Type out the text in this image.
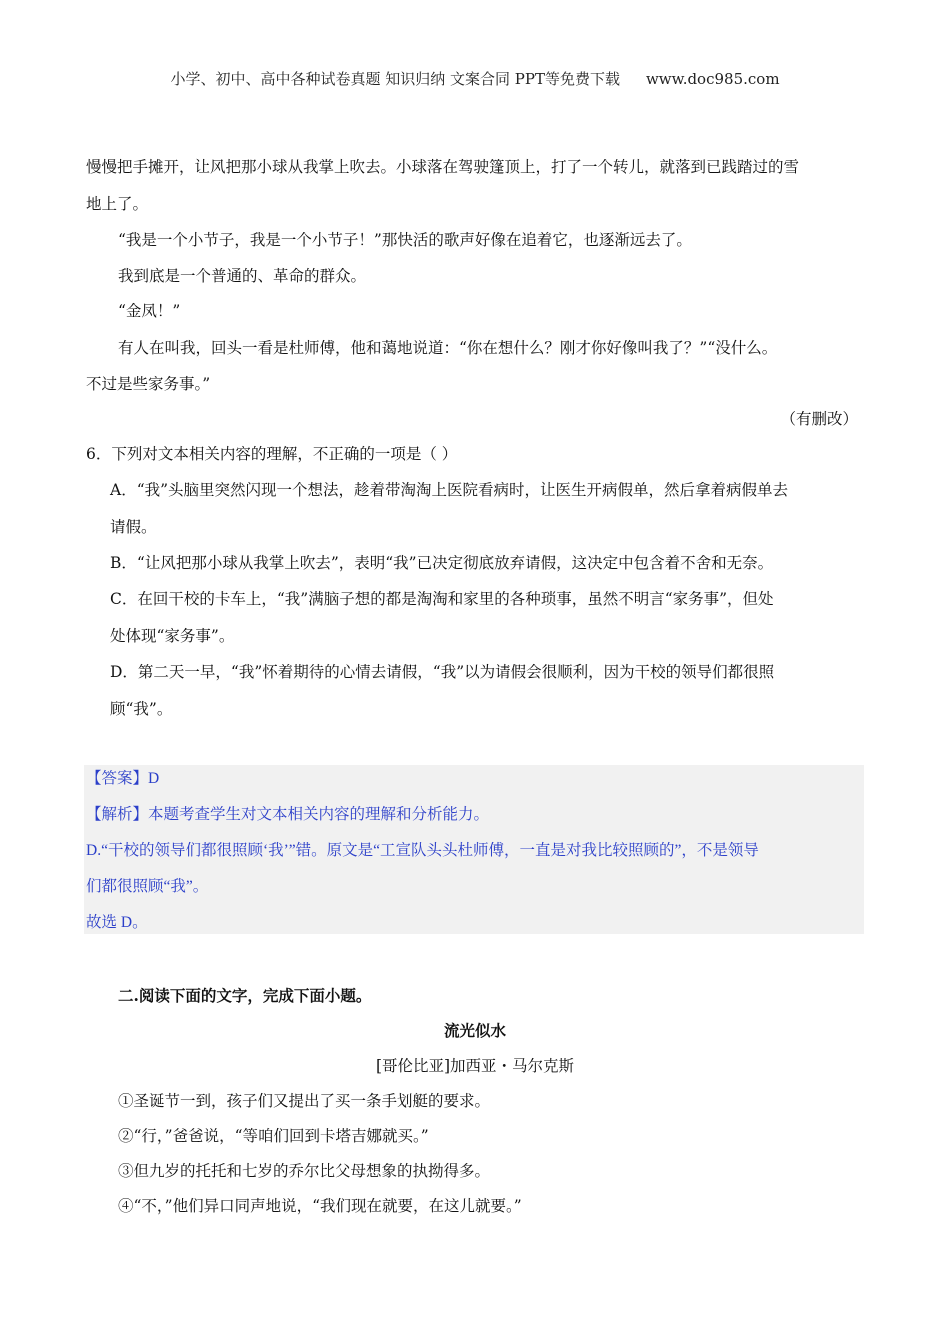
小学、初中、高中各种试卷真题 知识归纳 文案合同 PPT等免费下载 www.doc985.com
慢慢把手摊开，让风把那小球从我掌上吹去。小球落在驾驶篷顶上，打了一个转儿，就落到已践踏过的雪
地上了。
“我是一个小节子，我是一个小节子！”那快活的歌声好像在追着它，也逐渐远去了。
我到底是一个普通的、革命的群众。
“金凤！”
有人在叫我，回头一看是杜师傅，他和蔼地说道：“你在想什么？刚才你好像叫我了？”“没什么。
不过是些家务事。”
（有删改）
6．下列对文本相关内容的理解，不正确的一项是（ ）
A．“我”头脑里突然闪现一个想法，趁着带淘淘上医院看病时，让医生开病假单，然后拿着病假单去
请假。
B．“让风把那小球从我掌上吹去”，表明“我”已决定彻底放弃请假，这决定中包含着不舍和无奈。
C．在回干校的卡车上，“我”满脑子想的都是淘淘和家里的各种琐事，虽然不明言“家务事”，但处
处体现“家务事”。
D．第二天一早，“我”怀着期待的心情去请假，“我”以为请假会很顺利，因为干校的领导们都很照
顾“我”。
【答案】D
【解析】本题考查学生对文本相关内容的理解和分析能力。
D.“干校的领导们都很照顾‘我’”错。原文是“工宣队头头杜师傅，一直是对我比较照顾的”，不是领导
们都很照顾“我”。
故选 D。
二.阅读下面的文字，完成下面小题。
流光似水
[哥伦比亚]加西亚・马尔克斯
①圣诞节一到，孩子们又提出了买一条手划艇的要求。
②“行，”爸爸说，“等咱们回到卡塔吉娜就买。”
③但九岁的托托和七岁的乔尔比父母想象的执拗得多。
④“不，”他们异口同声地说，“我们现在就要，在这儿就要。”
